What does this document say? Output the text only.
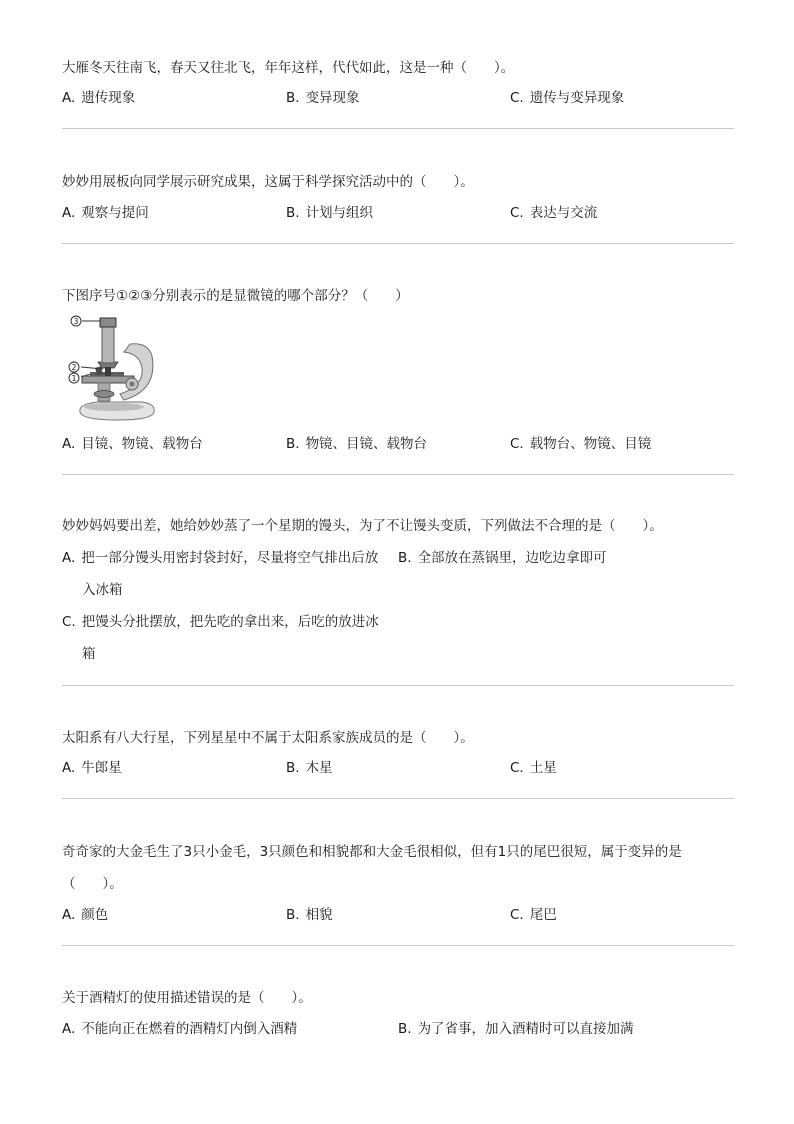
大雁冬天往南飞，春天又往北飞，年年这样，代代如此，这是一种（　　）。
A. 遗传现象	B. 变异现象	C. 遗传与变异现象
妙妙用展板向同学展示研究成果，这属于科学探究活动中的（　　）。
A. 观察与提问	B. 计划与组织	C. 表达与交流
下图序号①②③分别表示的是显微镜的哪个部分？（　　）
3
2
1
A. 目镜、物镜、载物台	B. 物镜、目镜、载物台	C. 载物台、物镜、目镜
妙妙妈妈要出差，她给妙妙蒸了一个星期的馒头，为了不让馒头变质，下列做法不合理的是（　　）。
A. 把一部分馒头用密封袋封好，尽量将空气排出后放
入冰箱
B. 全部放在蒸锅里，边吃边拿即可
C. 把馒头分批摆放，把先吃的拿出来，后吃的放进冰
箱
太阳系有八大行星，下列星星中不属于太阳系家族成员的是（　　）。
A. 牛郎星	B. 木星	C. 土星
奇奇家的大金毛生了3只小金毛，3只颜色和相貌都和大金毛很相似，但有1只的尾巴很短，属于变异的是
（　　）。
A. 颜色	B. 相貌	C. 尾巴
关于酒精灯的使用描述错误的是（　　）。
A. 不能向正在燃着的酒精灯内倒入酒精	B. 为了省事，加入酒精时可以直接加满
